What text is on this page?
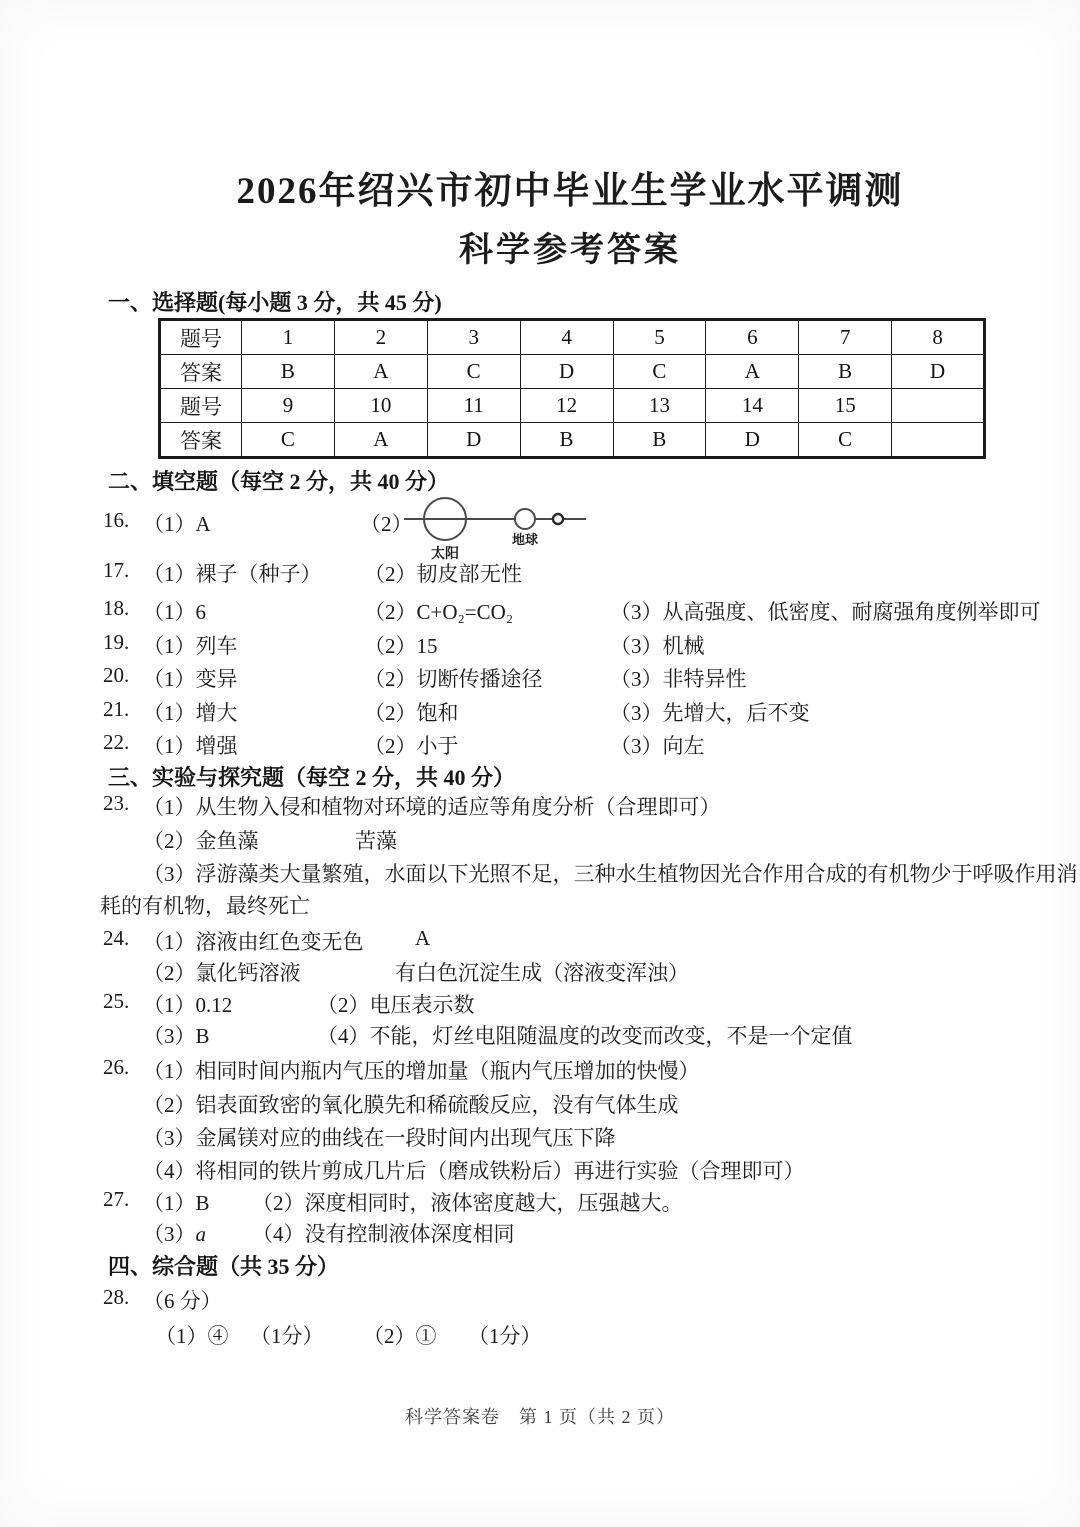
2026年绍兴市初中毕业生学业水平调测
科学参考答案
一、选择题(每小题 3 分，共 45 分)
题号	1	2	3	4	5	6	7	8
答案	B	A	C	D	C	A	B	D
题号	9	10	11	12	13	14	15	
答案	C	A	D	B	B	D	C	
二、填空题（每空 2 分，共 40 分）
16. （1）A	（2）
太阳
地球
17. （1）裸子（种子） （2）韧皮部 无性
18. （1）6	（2）C+O₂=CO₂	（3）从高强度、低密度、耐腐强角度例举即可
19. （1）列车	（2）15	（3）机械
20. （1）变异	（2）切断传播途径	（3）非特异性
21. （1）增大	（2）饱和	（3）先增大，后不变
22. （1）增强	（2）小于	（3）向左
三、实验与探究题（每空 2 分，共 40 分）
23. （1）从生物入侵和植物对环境的适应等角度分析（合理即可）
（2）金鱼藻	苦藻
（3）浮游藻类大量繁殖，水面以下光照不足，三种水生植物因光合作用合成的有机物少于呼吸作用消
耗的有机物，最终死亡
24. （1）溶液由红色变无色 A
（2）氯化钙溶液	有白色沉淀生成（溶液变浑浊）
25. （1）0.12	（2）电压表示数
（3）B	（4）不能，灯丝电阻随温度的改变而改变，不是一个定值
26. （1）相同时间内瓶内气压的增加量（瓶内气压增加的快慢）
（2）铝表面致密的氧化膜先和稀硫酸反应，没有气体生成
（3）金属镁对应的曲线在一段时间内出现气压下降
（4）将相同的铁片剪成几片后（磨成铁粉后）再进行实验（合理即可）
27. （1）B （2）深度相同时，液体密度越大，压强越大。
（3）a （4）没有控制液体深度相同
四、综合题（共 35 分）
28. （6 分）
（1）④ （1分） （2）① （1分）
科学答案卷　第 1 页（共 2 页）
